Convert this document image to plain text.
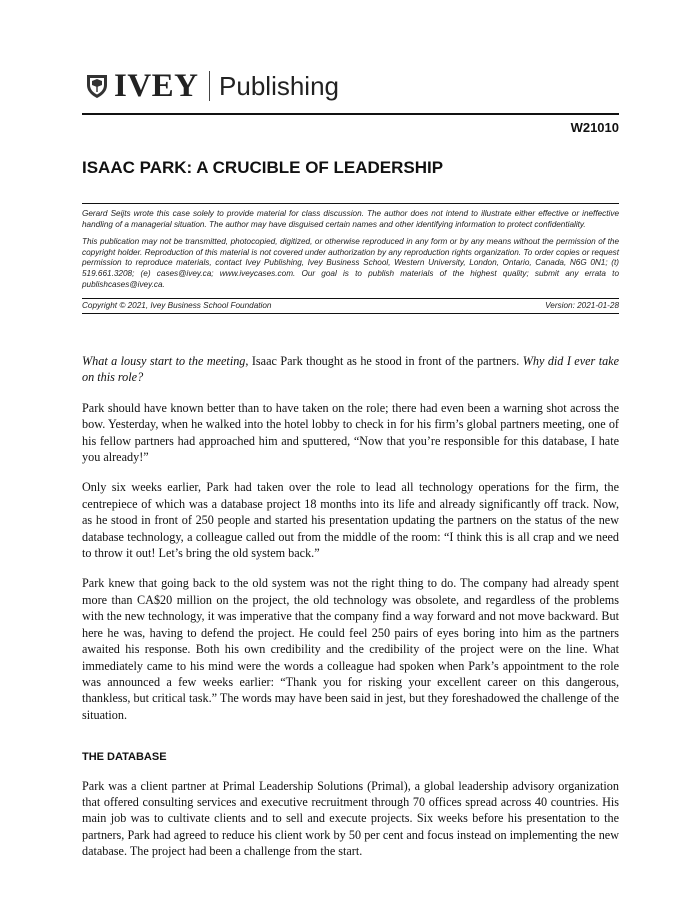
IVEY Publishing
W21010
ISAAC PARK: A CRUCIBLE OF LEADERSHIP

Gerard Seijts wrote this case solely to provide material for class discussion. The author does not intend to illustrate either effective or ineffective handling of a managerial situation. The author may have disguised certain names and other identifying information to protect confidentiality.

This publication may not be transmitted, photocopied, digitized, or otherwise reproduced in any form or by any means without the permission of the copyright holder. Reproduction of this material is not covered under authorization by any reproduction rights organization. To order copies or request permission to reproduce materials, contact Ivey Publishing, Ivey Business School, Western University, London, Ontario, Canada, N6G 0N1; (t) 519.661.3208; (e) cases@ivey.ca; www.iveycases.com. Our goal is to publish materials of the highest quality; submit any errata to publishcases@ivey.ca.

Copyright © 2021, Ivey Business School Foundation	Version: 2021-01-28

What a lousy start to the meeting, Isaac Park thought as he stood in front of the partners. Why did I ever take on this role?

Park should have known better than to have taken on the role; there had even been a warning shot across the bow. Yesterday, when he walked into the hotel lobby to check in for his firm’s global partners meeting, one of his fellow partners had approached him and sputtered, “Now that you’re responsible for this database, I hate you already!”

Only six weeks earlier, Park had taken over the role to lead all technology operations for the firm, the centrepiece of which was a database project 18 months into its life and already significantly off track. Now, as he stood in front of 250 people and started his presentation updating the partners on the status of the new database technology, a colleague called out from the middle of the room: “I think this is all crap and we need to throw it out! Let’s bring the old system back.”

Park knew that going back to the old system was not the right thing to do. The company had already spent more than CA$20 million on the project, the old technology was obsolete, and regardless of the problems with the new technology, it was imperative that the company find a way forward and not move backward. But here he was, having to defend the project. He could feel 250 pairs of eyes boring into him as the partners awaited his response. Both his own credibility and the credibility of the project were on the line. What immediately came to his mind were the words a colleague had spoken when Park’s appointment to the role was announced a few weeks earlier: “Thank you for risking your excellent career on this dangerous, thankless, but critical task.” The words may have been said in jest, but they foreshadowed the challenge of the situation.

THE DATABASE

Park was a client partner at Primal Leadership Solutions (Primal), a global leadership advisory organization that offered consulting services and executive recruitment through 70 offices spread across 40 countries. His main job was to cultivate clients and to sell and execute projects. Six weeks before his presentation to the partners, Park had agreed to reduce his client work by 50 per cent and focus instead on implementing the new database. The project had been a challenge from the start.
